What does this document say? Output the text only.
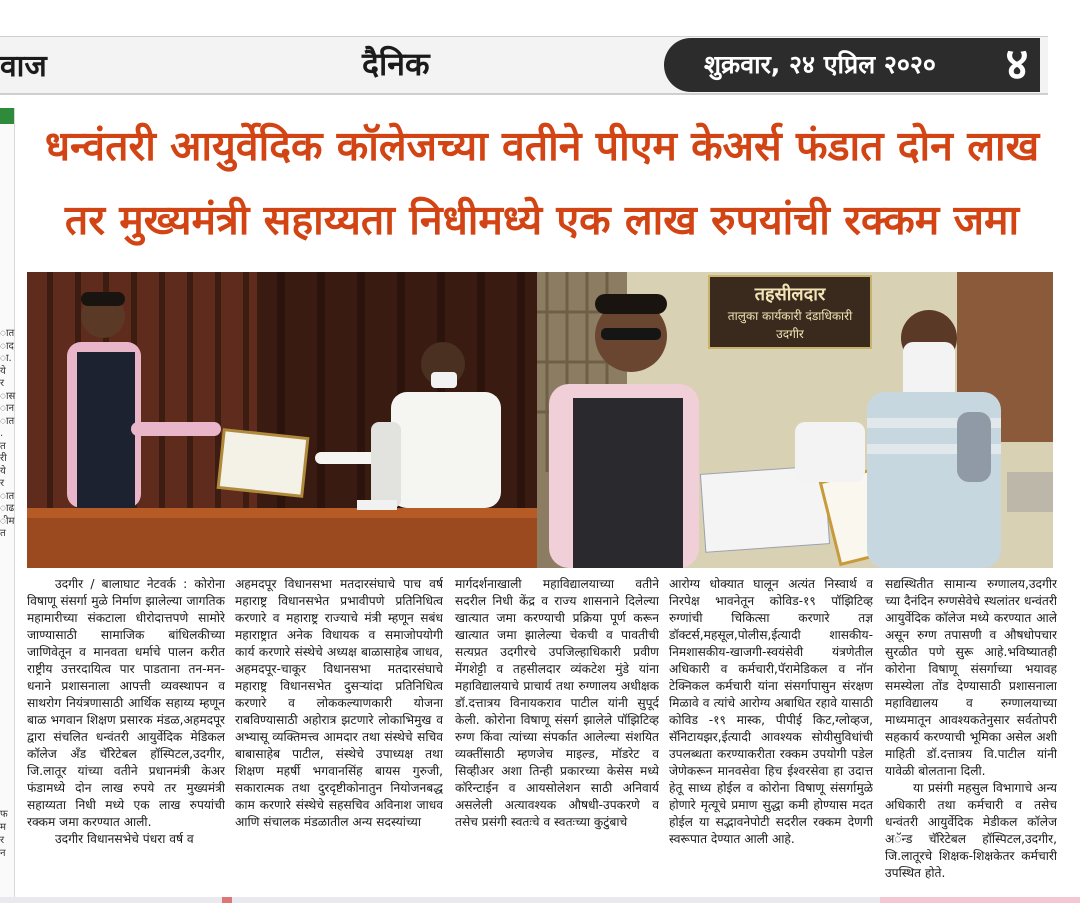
वाज	दैनिक	शुक्रवार, २४ एप्रिल २०२०	४
ात ाद ा. ये र ास ान ात . त री ये र ात ाढ ीम त
फ म र न
धन्वंतरी आयुर्वेदिक कॉलेजच्या वतीने पीएम केअर्स फंडात दोन लाख
तर मुख्यमंत्री सहाय्यता निधीमध्ये एक लाख रुपयांची रक्कम जमा
तहसीलदार
तालुका कार्यकारी दंडाधिकारी
उदगीर

उदगीर / बालाघाट नेटवर्क : कोरोना विषाणू संसर्गा मुळे निर्माण झालेल्या जागतिक महामारीच्या संकटाला धीरोदात्तपणे सामोरे जाण्यासाठी सामाजिक बांधिलकीच्या जाणिवेतून व मानवता धर्माचे पालन करीत राष्ट्रीय उत्तरदायित्व पार पाडताना तन-मन-धनाने प्रशासनाला आपत्ती व्यवस्थापन व साथरोग नियंत्रणासाठी आर्थिक सहाय्य म्हणून बाळ भगवान शिक्षण प्रसारक मंडळ,अहमदपूर द्वारा संचलित धन्वंतरी आयुर्वेदिक मेडिकल कॉलेज अँड चॅरिटेबल हॉस्पिटल,उदगीर, जि.लातूर यांच्या वतीने प्रधानमंत्री केअर फंडामध्ये दोन लाख रुपये तर मुख्यमंत्री सहाय्यता निधी मध्ये एक लाख रुपयांची रक्कम जमा करण्यात आली.

उदगीर विधानसभेचे पंधरा वर्ष व

अहमदपूर विधानसभा मतदारसंघाचे पाच वर्ष महाराष्ट्र विधानसभेत प्रभावीपणे प्रतिनिधित्व करणारे व महाराष्ट्र राज्याचे मंत्री म्हणून सबंध महाराष्ट्रात अनेक विधायक व समाजोपयोगी कार्य करणारे संस्थेचे अध्यक्ष बाळासाहेब जाधव, अहमदपूर-चाकूर विधानसभा मतदारसंघाचे महाराष्ट्र विधानसभेत दुसऱ्यांदा प्रतिनिधित्व करणारे व लोककल्याणकारी योजना राबविण्यासाठी अहोरात्र झटणारे लोकाभिमुख व अभ्यासू व्यक्तिमत्त्व आमदार तथा संस्थेचे सचिव बाबासाहेब पाटील, संस्थेचे उपाध्यक्ष तथा शिक्षण महर्षी भगवानसिंह बायस गुरुजी, सकारात्मक तथा दुरदृष्टीकोनातुन नियोजनबद्ध काम करणारे संस्थेचे सहसचिव अविनाश जाधव आणि संचालक मंडळातील अन्य सदस्यांच्या

मार्गदर्शनाखाली महाविद्यालयाच्या वतीने सदरील निधी केंद्र व राज्य शासनाने दिलेल्या खात्यात जमा करण्याची प्रक्रिया पूर्ण करून खात्यात जमा झालेल्या चेकची व पावतीची सत्यप्रत उदगीरचे उपजिल्हाधिकारी प्रवीण मेंगशेट्टी व तहसीलदार व्यंकटेश मुंडे यांना महाविद्यालयाचे प्राचार्य तथा रुग्णालय अधीक्षक डॉ.दत्तात्रय विनायकराव पाटील यांनी सुपूर्द केली. कोरोना विषाणू संसर्ग झालेले पॉझिटिव्ह रुग्ण किंवा त्यांच्या संपर्कात आलेल्या संशयित व्यक्तींसाठी म्हणजेच माइल्ड, मॉडरेट व सिव्हीअर अशा तिन्ही प्रकारच्या केसेस मध्ये कॉरेन्टाईन व आयसोलेशन साठी अनिवार्य असलेली अत्यावश्यक औषधी-उपकरणे व तसेच प्रसंगी स्वतःचे व स्वतःच्या कुटुंबाचे

आरोग्य धोक्यात घालून अत्यंत निस्वार्थ व निरपेक्ष भावनेतून कोविड-१९ पॉझिटिव्ह रुग्णांची चिकित्सा करणारे तज्ञ डॉक्टर्स,महसूल,पोलीस,ईत्यादी शासकीय-निमशासकीय-खाजगी-स्वयंसेवी यंत्रणेतील अधिकारी व कर्मचारी,पॅरामेडिकल व नॉन टेक्निकल कर्मचारी यांना संसर्गापासुन संरक्षण मिळावे व त्यांचे आरोग्य अबाधित रहावे यासाठी कोविड -१९ मास्क, पीपीई किट,ग्लोव्हज, सॅनिटायझर,ईत्यादी आवश्यक सोयीसुविधांची उपलब्धता करण्याकरीता रक्कम उपयोगी पडेल जेणेकरून मानवसेवा हिच ईश्वरसेवा हा उदात्त हेतू साध्य होईल व कोरोना विषाणू संसर्गामुळे होणारे मृत्यूचे प्रमाण सुद्धा कमी होण्यास मदत होईल या सद्भावनेपोटी सदरील रक्कम देणगी स्वरूपात देण्यात आली आहे.

सद्यस्थितीत सामान्य रुग्णालय,उदगीर च्या दैनंदिन रुग्णसेवेचे स्थलांतर धन्वंतरी आयुर्वेदिक कॉलेज मध्ये करण्यात आले असून रुग्ण तपासणी व औषधोपचार सुरळीत पणे सुरू आहे.भविष्यातही कोरोना विषाणू संसर्गाच्या भयावह समस्येला तोंड देण्यासाठी प्रशासनाला महाविद्यालय व रुग्णालयाच्या माध्यमातून आवश्यकतेनुसार सर्वतोपरी सहकार्य करण्याची भूमिका असेल अशी माहिती डॉ.दत्तात्रय वि.पाटील यांनी यावेळी बोलताना दिली.

या प्रसंगी महसुल विभागाचे अन्य अधिकारी तथा कर्मचारी व तसेच धन्वंतरी आयुर्वेदिक मेडीकल कॉलेज अॅन्ड चॅरिटेबल हॉस्पिटल,उदगीर, जि.लातूरचे शिक्षक-शिक्षकेतर कर्मचारी उपस्थित होते.
